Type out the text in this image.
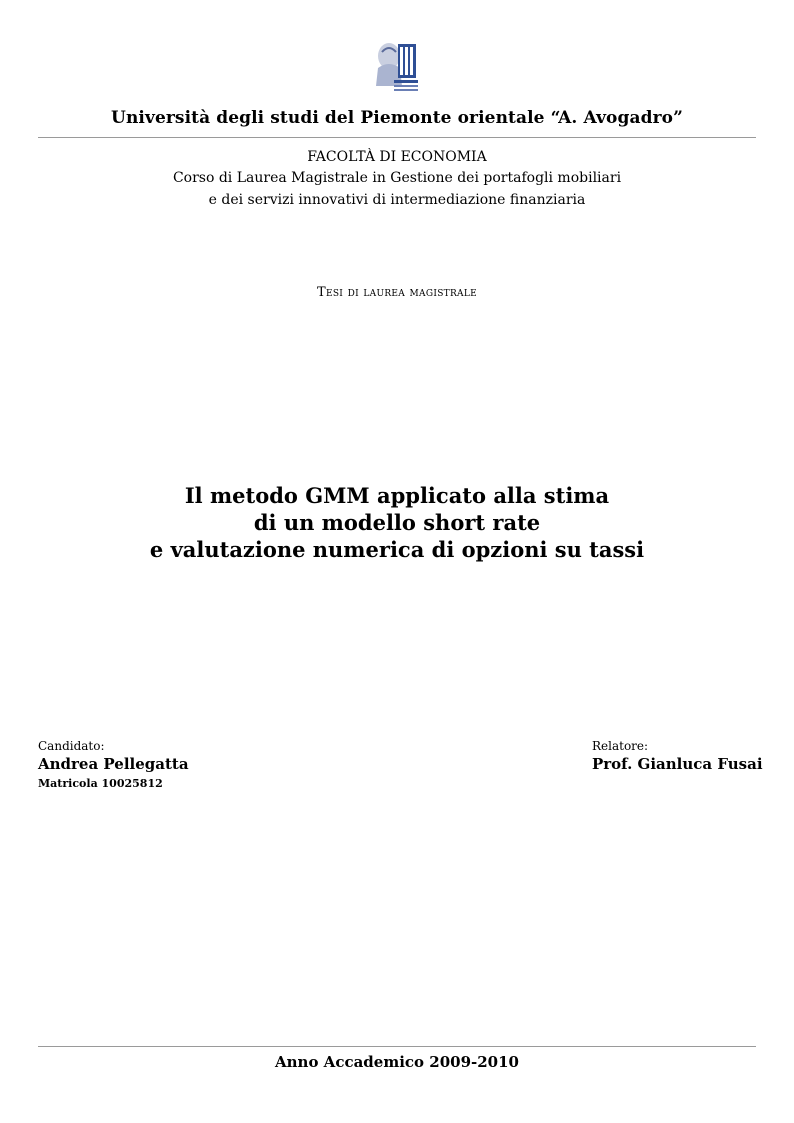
Università degli studi del Piemonte orientale “A. Avogadro”
FACOLTÀ DI ECONOMIA
Corso di Laurea Magistrale in Gestione dei portafogli mobiliari
e dei servizi innovativi di intermediazione finanziaria
Tesi di laurea magistrale
Il metodo GMM applicato alla stima
di un modello short rate
e valutazione numerica di opzioni su tassi
Candidato:
Andrea Pellegatta
Matricola 10025812
Relatore:
Prof. Gianluca Fusai
Anno Accademico 2009-2010
